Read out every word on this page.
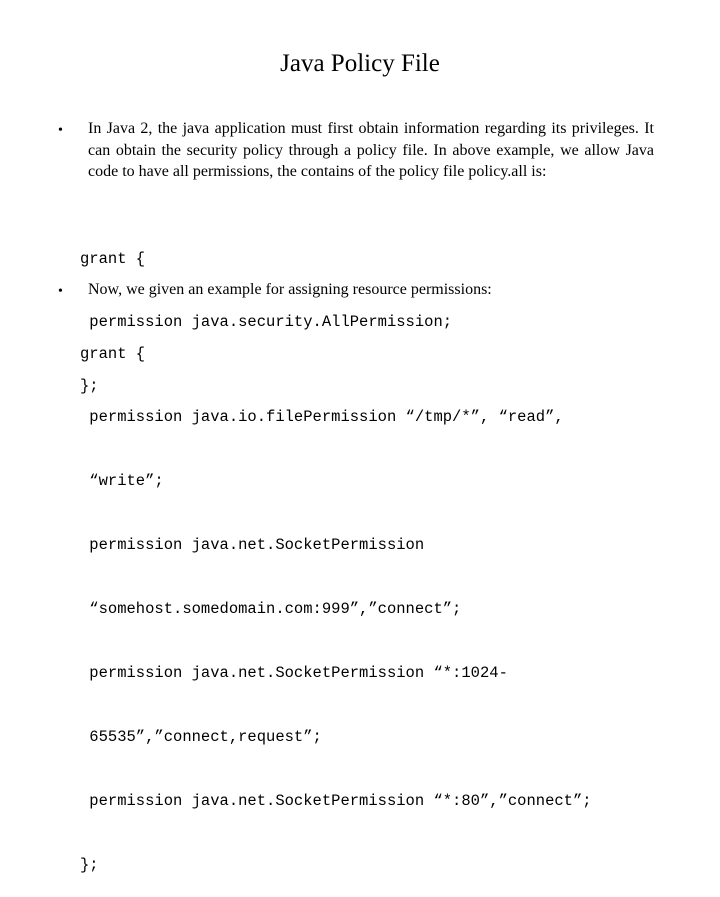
Java Policy File
• In Java 2, the java application must first obtain information regarding its privileges. It can obtain the security policy through a policy file. In above example, we allow Java code to have all permissions, the contains of the policy file policy.all is:

grant {

permission java.security.AllPermission;

};

• Now, we given an example for assigning resource permissions:

grant {

permission java.io.filePermission “/tmp/*”, “read”,

“write”;

permission java.net.SocketPermission

“somehost.somedomain.com:999”,”connect”;

permission java.net.SocketPermission “*:1024-

65535”,”connect,request”;

permission java.net.SocketPermission “*:80”,”connect”;

};
